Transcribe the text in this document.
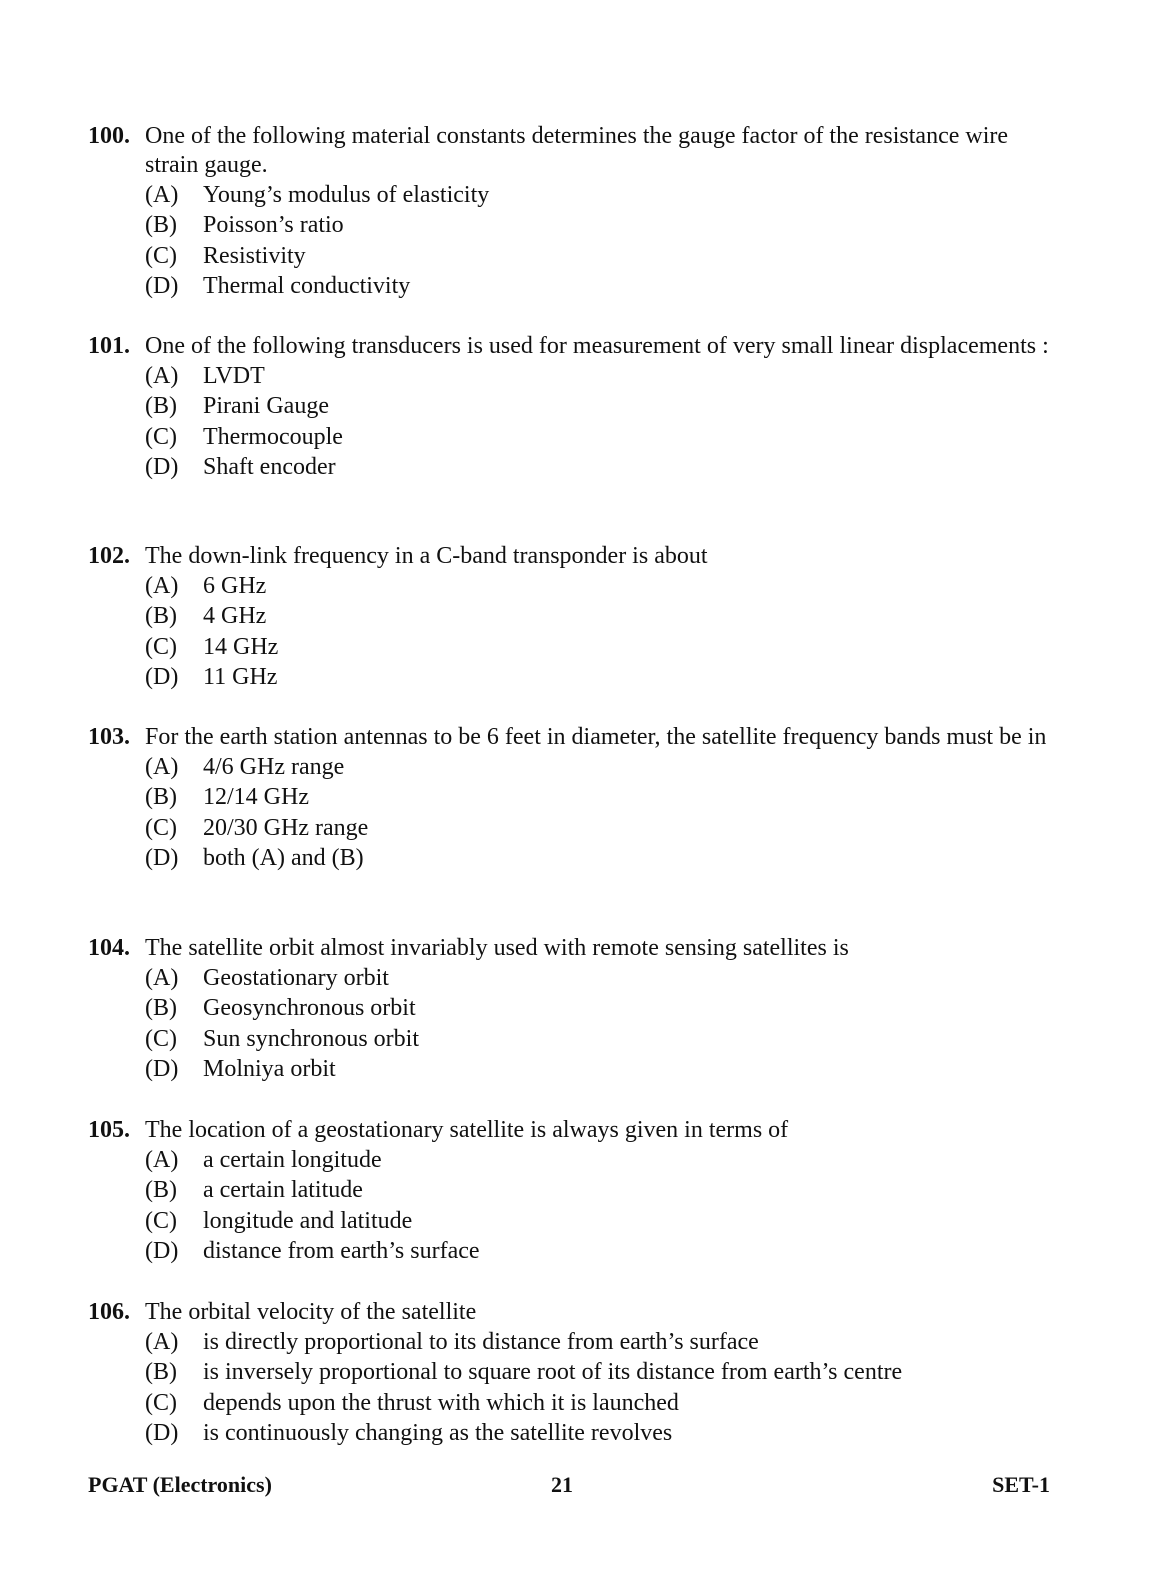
100. One of the following material constants determines the gauge factor of the resistance wire strain gauge.
(A)	Young’s modulus of elasticity
(B)	Poisson’s ratio
(C)	Resistivity
(D)	Thermal conductivity
101. One of the following transducers is used for measurement of very small linear displacements :
(A)	LVDT
(B)	Pirani Gauge
(C)	Thermocouple
(D)	Shaft encoder
102. The down-link frequency in a C-band transponder is about
(A)	6 GHz
(B)	4 GHz
(C)	14 GHz
(D)	11 GHz
103. For the earth station antennas to be 6 feet in diameter, the satellite frequency bands must be in
(A)	4/6 GHz range
(B)	12/14 GHz
(C)	20/30 GHz range
(D)	both (A) and (B)
104. The satellite orbit almost invariably used with remote sensing satellites is
(A)	Geostationary orbit
(B)	Geosynchronous orbit
(C)	Sun synchronous orbit
(D)	Molniya orbit
105. The location of a geostationary satellite is always given in terms of
(A)	a certain longitude
(B)	a certain latitude
(C)	longitude and latitude
(D)	distance from earth’s surface
106. The orbital velocity of the satellite
(A)	is directly proportional to its distance from earth’s surface
(B)	is inversely proportional to square root of its distance from earth’s centre
(C)	depends upon the thrust with which it is launched
(D)	is continuously changing as the satellite revolves
PGAT (Electronics)	21	SET-1
